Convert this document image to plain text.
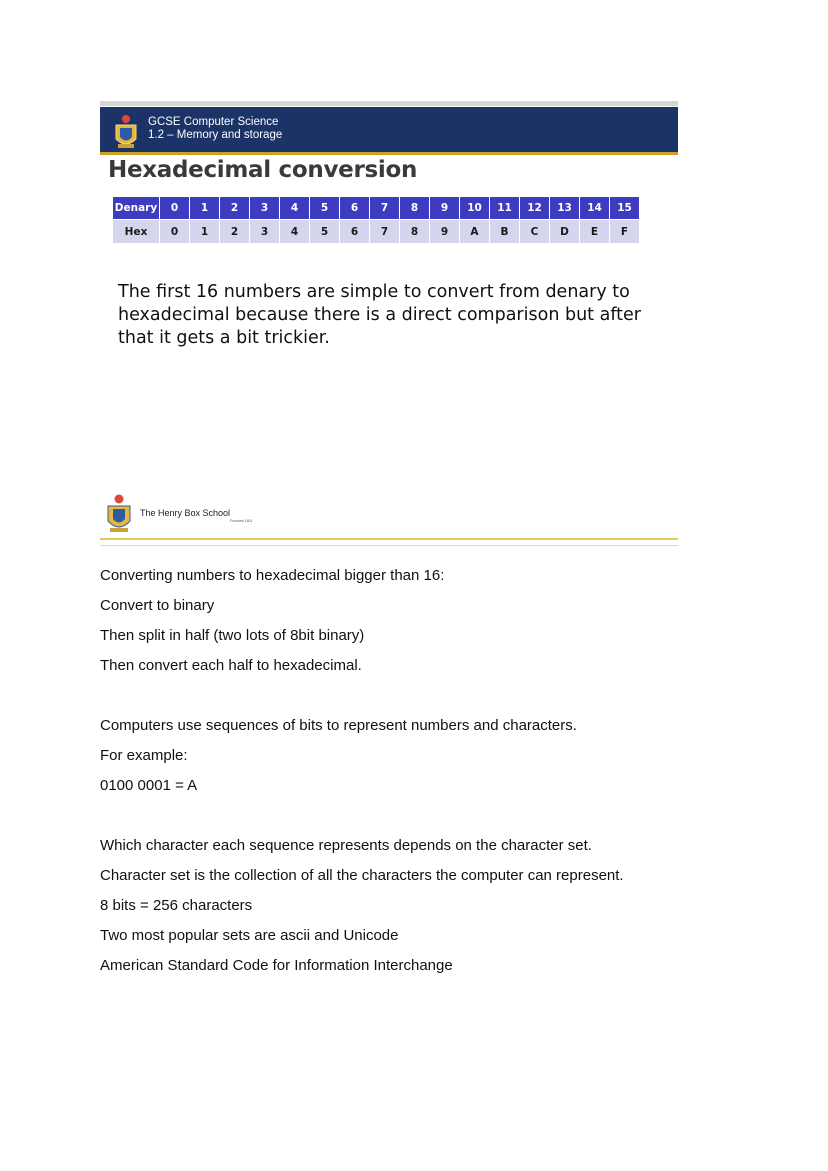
GCSE Computer Science
1.2 – Memory and storage
Hexadecimal conversion
Denary	0	1	2	3	4	5	6	7	8	9	10	11	12	13	14	15
Hex	0	1	2	3	4	5	6	7	8	9	A	B	C	D	E	F
The first 16 numbers are simple to convert from denary to hexadecimal because there is a direct comparison but after that it gets a bit trickier.
The Henry Box School
Founded 1601

Converting numbers to hexadecimal bigger than 16:

Convert to binary

Then split in half (two lots of 8bit binary)

Then convert each half to hexadecimal.

Computers use sequences of bits to represent numbers and characters.

For example:

0100 0001 = A

Which character each sequence represents depends on the character set.

Character set is the collection of all the characters the computer can represent.

8 bits = 256 characters

Two most popular sets are ascii and Unicode

American Standard Code for Information Interchange
